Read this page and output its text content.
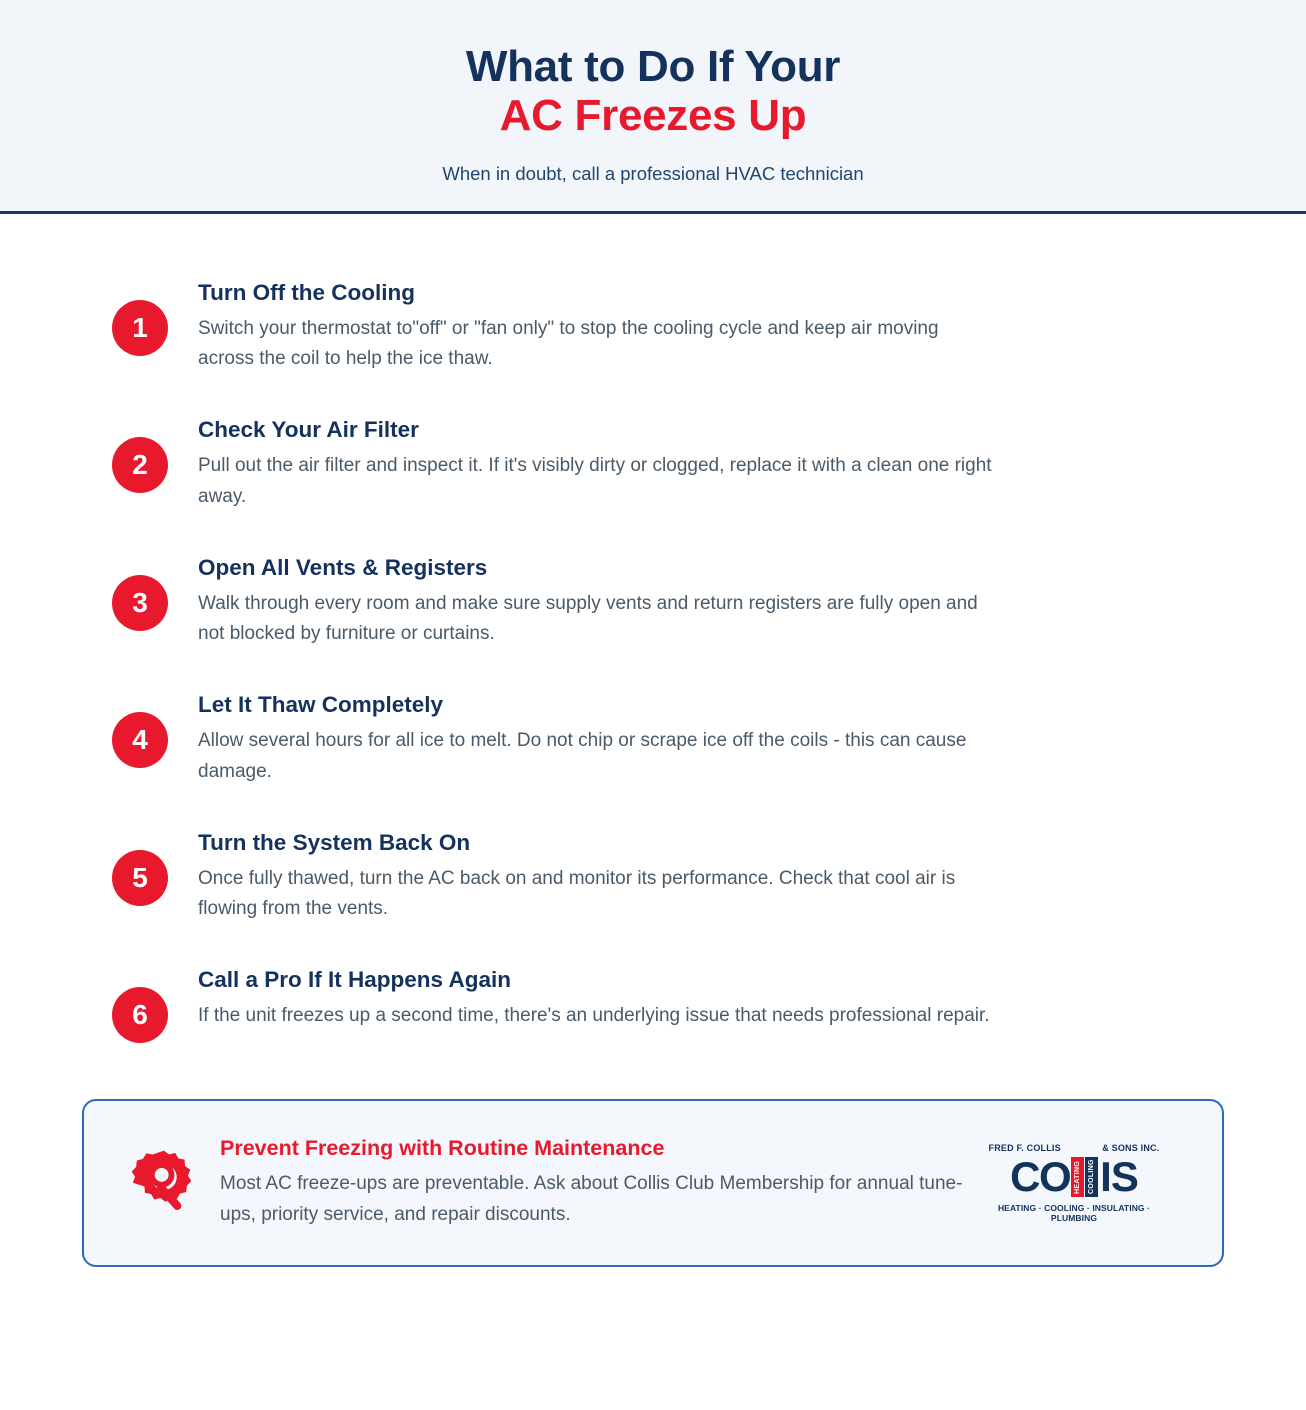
What to Do If Your
AC Freezes Up
When in doubt, call a professional HVAC technician
1
Turn Off the Cooling
Switch your thermostat to"off" or "fan only" to stop the cooling cycle and keep air moving across the coil to help the ice thaw.
2
Check Your Air Filter
Pull out the air filter and inspect it. If it's visibly dirty or clogged, replace it with a clean one right away.
3
Open All Vents & Registers
Walk through every room and make sure supply vents and return registers are fully open and not blocked by furniture or curtains.
4
Let It Thaw Completely
Allow several hours for all ice to melt. Do not chip or scrape ice off the coils - this can cause damage.
5
Turn the System Back On
Once fully thawed, turn the AC back on and monitor its performance. Check that cool air is flowing from the vents.
6
Call a Pro If It Happens Again
If the unit freezes up a second time, there's an underlying issue that needs professional repair.
Prevent Freezing with Routine Maintenance
Most AC freeze-ups are preventable. Ask about Collis Club Membership for annual tune-ups, priority service, and repair discounts.
FRED F. COLLIS	& SONS INC.
CO HEATING	COOLING IS
HEATING · COOLING · INSULATING · PLUMBING
